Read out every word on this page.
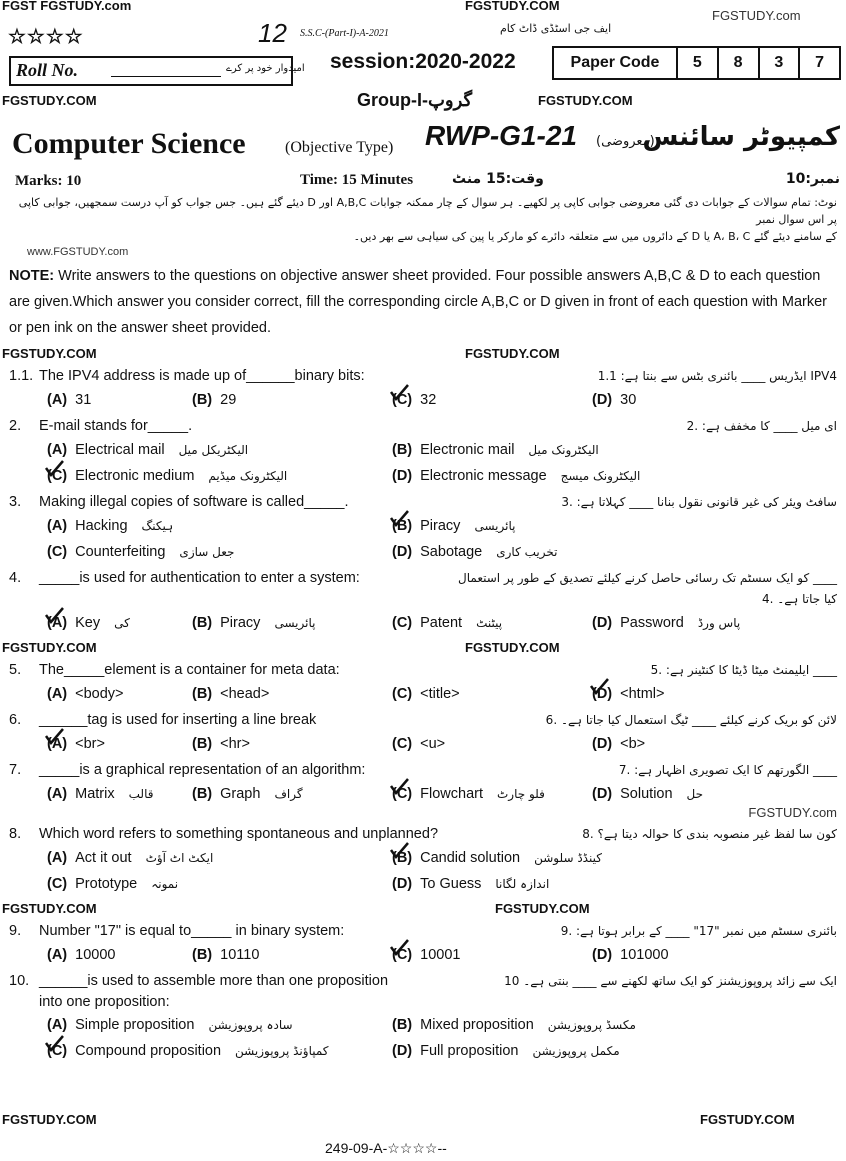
FGST FGSTUDY.com	FGSTUDY.COM
FGSTUDY.com
☆☆☆☆	S.S.C-(Part-I)-A-2021	ایف جی اسٹڈی ڈاٹ کام
12
Roll No.	امیدوار خود پر کرے session:2020-2022	Paper Code	5	8	3	7
FGSTUDY.COM	Group-I-گروپ	FGSTUDY.COM
Computer Science (Objective Type) RWP-G1-21 (معروضی)
کمپیوٹر سائنس
Marks: 10	Time: 15 Minutes	وقت:15 منٹ	نمبر:10
نوٹ: تمام سوالات کے جوابات دی گئی معروضی جوابی کاپی پر لکھیے۔ ہر سوال کے چار ممکنہ جوابات A,B,C اور D دیئے گئے ہیں۔ جس جواب کو آپ درست سمجھیں، جوابی کاپی پر اس سوال نمبر
کے سامنے دیئے گئے A، B، C یا D کے دائروں میں سے متعلقہ دائرے کو مارکر یا پین کی سیاہی سے بھر دیں۔
www.FGSTUDY.com
NOTE: Write answers to the questions on objective answer sheet provided. Four possible answers A,B,C & D to each question are given.Which answer you consider correct, fill the corresponding circle A,B,C or D given in front of each question with Marker or pen ink on the answer sheet provided.
FGSTUDY.COM	FGSTUDY.COM
1.1. The IPV4 address is made up of______binary bits:	IPV4 ایڈریس ____ بائنری بٹس سے بنتا ہے: 1.1
(A) 31	(B) 29	(C) 32	(D) 30
2. E-mail stands for_____.	ای میل ____ کا مخفف ہے: .2
(A) Electrical mail الیکٹریکل میل	(B) Electronic mail الیکٹرونک میل
(C) Electronic medium الیکٹرونک میڈیم	(D) Electronic message الیکٹرونک میسج
3. Making illegal copies of software is called_____.	سافٹ ویئر کی غیر قانونی نقول بنانا ____ کہلاتا ہے: .3
(A) Hacking ہیکنگ	(B) Piracy پائریسی
(C) Counterfeiting جعل سازی	(D) Sabotage تخریب کاری
4. _____is used for authentication to enter a system:	____ کو ایک سسٹم تک رسائی حاصل کرنے کیلئے تصدیق کے طور پر استعمال کیا جاتا ہے۔ .4
(A) Key کی	(B) Piracy پائریسی	(C) Patent پیٹنٹ	(D) Password پاس ورڈ
FGSTUDY.COM	FGSTUDY.COM
5. The_____element is a container for meta data:	____ ایلیمنٹ میٹا ڈیٹا کا کنٹینر ہے: .5
(A) <body>	(B) <head>	(C) <title>	(D) <html>
6. ______tag is used for inserting a line break	لائن کو بریک کرنے کیلئے ____ ٹیگ استعمال کیا جاتا ہے۔ .6
(A) <br>	(B) <hr>	(C) <u>	(D) <b>
7. _____is a graphical representation of an algorithm:	____ الگورتھم کا ایک تصویری اظہار ہے: .7
(A) Matrix قالب	(B) Graph گراف	(C) Flowchart فلو چارٹ	(D) Solution حل
FGSTUDY.com
8. Which word refers to something spontaneous and unplanned?	کون سا لفظ غیر منصوبہ بندی کا حوالہ دیتا ہے؟ .8
(A) Act it out ایکٹ اٹ آؤٹ	(B) Candid solution کینڈڈ سلوشن
(C) Prototype نمونہ	(D) To Guess اندازہ لگانا
FGSTUDY.COM	FGSTUDY.COM
9. Number "17" is equal to_____ in binary system:	بائنری سسٹم میں نمبر "17" ____ کے برابر ہوتا ہے: .9
(A) 10000	(B) 10110	(C) 10001	(D) 101000
10. ______is used to assemble more than one proposition	ایک سے زائد پروپوزیشنز کو ایک ساتھ لکھنے سے ____ بنتی ہے۔ 10
into one proposition:
(A) Simple proposition سادہ پروپوزیشن	(B) Mixed proposition مکسڈ پروپوزیشن
(C) Compound proposition کمپاؤنڈ پروپوزیشن	(D) Full proposition مکمل پروپوزیشن
FGSTUDY.COM	FGSTUDY.COM
249-09-A-☆☆☆☆--
